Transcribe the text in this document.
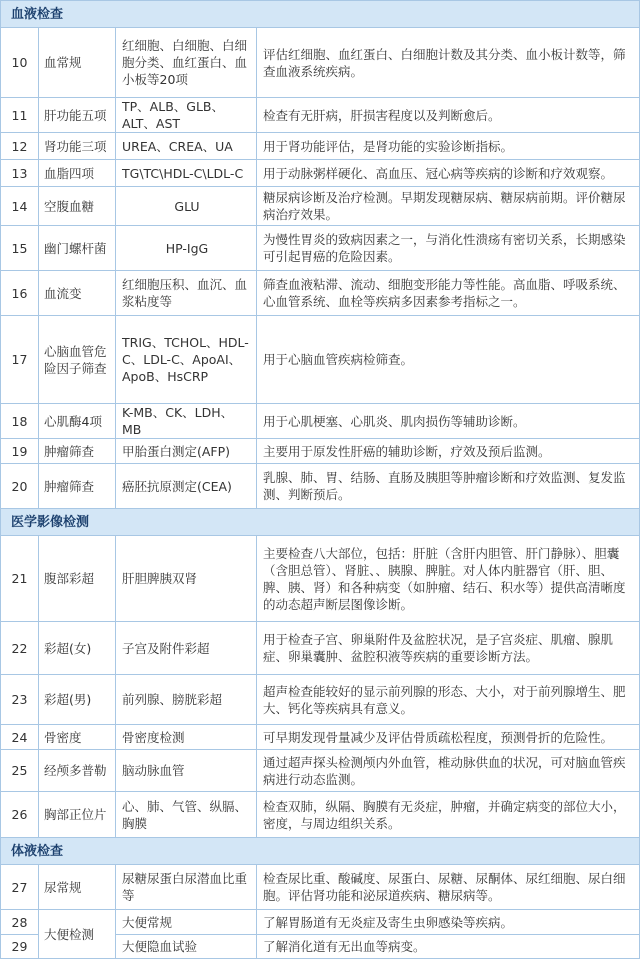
血液检查			
10	血常规	红细胞、白细胞、白细胞分类、血红蛋白、血小板等20项	评估红细胞、血红蛋白、白细胞计数及其分类、血小板计数等，筛查血液系统疾病。
11	肝功能五项	TP、ALB、GLB、ALT、AST	检查有无肝病，肝损害程度以及判断愈后。
12	肾功能三项	UREA、CREA、UA	用于肾功能评估，是肾功能的实验诊断指标。
13	血脂四项	TG\TC\HDL-C\LDL-C	用于动脉粥样硬化、高血压、冠心病等疾病的诊断和疗效观察。
14	空腹血糖	GLU	糖尿病诊断及治疗检测。早期发现糖尿病、糖尿病前期。评价糖尿病治疗效果。
15	幽门螺杆菌	HP-IgG	为慢性胃炎的致病因素之一，与消化性溃疡有密切关系，长期感染可引起胃癌的危险因素。
16	血流变	红细胞压积、血沉、血浆粘度等	筛查血液粘滞、流动、细胞变形能力等性能。高血脂、呼吸系统、心血管系统、血栓等疾病多因素参考指标之一。
17	心脑血管危险因子筛查	TRIG、TCHOL、HDL-C、LDL-C、ApoAI、ApoB、HsCRP	用于心脑血管疾病检筛查。
18	心肌酶4项	K-MB、CK、LDH、MB	用于心肌梗塞、心肌炎、肌肉损伤等辅助诊断。
19	肿瘤筛查	甲胎蛋白测定(AFP)	主要用于原发性肝癌的辅助诊断，疗效及预后监测。
20	肿瘤筛查	癌胚抗原测定(CEA)	乳腺、肺、胃、结肠、直肠及胰胆等肿瘤诊断和疗效监测、复发监测、判断预后。
医学影像检测			
21	腹部彩超	肝胆脾胰双肾	主要检查八大部位，包括：肝脏（含肝内胆管、肝门静脉）、胆囊（含胆总管）、肾脏、、胰腺、脾脏。对人体内脏器官（肝、胆、脾、胰、肾）和各种病变（如肿瘤、结石、积水等）提供高清晰度的动态超声断层图像诊断。
22	彩超(女)	子宫及附件彩超	用于检查子宫、卵巢附件及盆腔状况，是子宫炎症、肌瘤、腺肌症、卵巢囊肿、盆腔积液等疾病的重要诊断方法。
23	彩超(男)	前列腺、膀胱彩超	超声检查能较好的显示前列腺的形态、大小，对于前列腺增生、肥大、钙化等疾病具有意义。
24	骨密度	骨密度检测	可早期发现骨量减少及评估骨质疏松程度，预测骨折的危险性。
25	经颅多普勒	脑动脉血管	通过超声探头检测颅内外血管，椎动脉供血的状况，可对脑血管疾病进行动态监测。
26	胸部正位片	心、肺、气管、纵膈、胸膜	检查双肺，纵隔、胸膜有无炎症，肿瘤，并确定病变的部位大小，密度，与周边组织关系。
体液检查			
27	尿常规	尿糖尿蛋白尿潜血比重等	检查尿比重、酸碱度、尿蛋白、尿糖、尿酮体、尿红细胞、尿白细胞。评估肾功能和泌尿道疾病、糖尿病等。
28	大便检测	大便常规	了解胃肠道有无炎症及寄生虫卵感染等疾病。
29		大便隐血试验	了解消化道有无出血等病变。
